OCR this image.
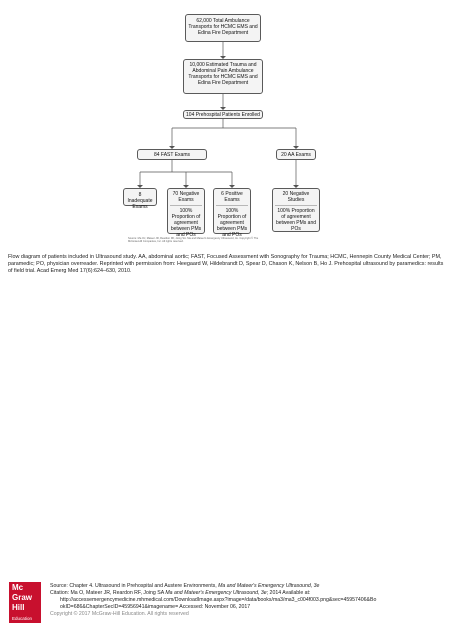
62,000 Total Ambulance Transports for HCMC EMS and Edina Fire Department
10,000 Estimated Trauma and Abdominal Pain Ambulance Transports for HCMC EMS and Edina Fire Department
104 Prehospital Patients Enrolled
84 FAST Exams	20 AA Exams
8 Inadequate Exams
70 Negative Exams
100% Proportion of agreement between PMs and POs
6 Positive Exams
100% Proportion of agreement between PMs and POs
20 Negative Studies
100% Proportion of agreement between PMs and POs
Source: Ma OJ, Mateer JR, Reardon RF, Joing SA. Ma and Mateer's Emergency Ultrasound, 3e. Copyright © The McGraw-Hill Companies, Inc. All rights reserved.
Flow diagram of patients included in Ultrasound study. AA, abdominal aortic; FAST, Focused Assessment with Sonography for Trauma; HCMC, Hennepin County Medical Center; PM, paramedic; PO, physician overreader. Reprinted with permission from: Heegaard W, Hildebrandt D, Spear D, Chason K, Nelson B, Ho J. Prehospital ultrasound by paramedics: results of field trial. Acad Emerg Med 17(6):624–630, 2010.
Mc
Graw
Hill
Education
Source: Chapter 4. Ultrasound in Prehospital and Austere Environments, Ma and Mateer's Emergency Ultrasound, 3e
Citation: Ma O, Mateer JR, Reardon RF, Joing SA Ma and Mateer's Emergency Ultrasound, 3e; 2014 Available at:
http://accessemergencymedicine.mhmedical.com/DownloadImage.aspx?image=/data/books/ma3/ma3_c004f003.png&sec=45957406&Bo
okID=686&ChapterSecID=45956941&imagename= Accessed: November 06, 2017
Copyright © 2017 McGraw-Hill Education. All rights reserved
